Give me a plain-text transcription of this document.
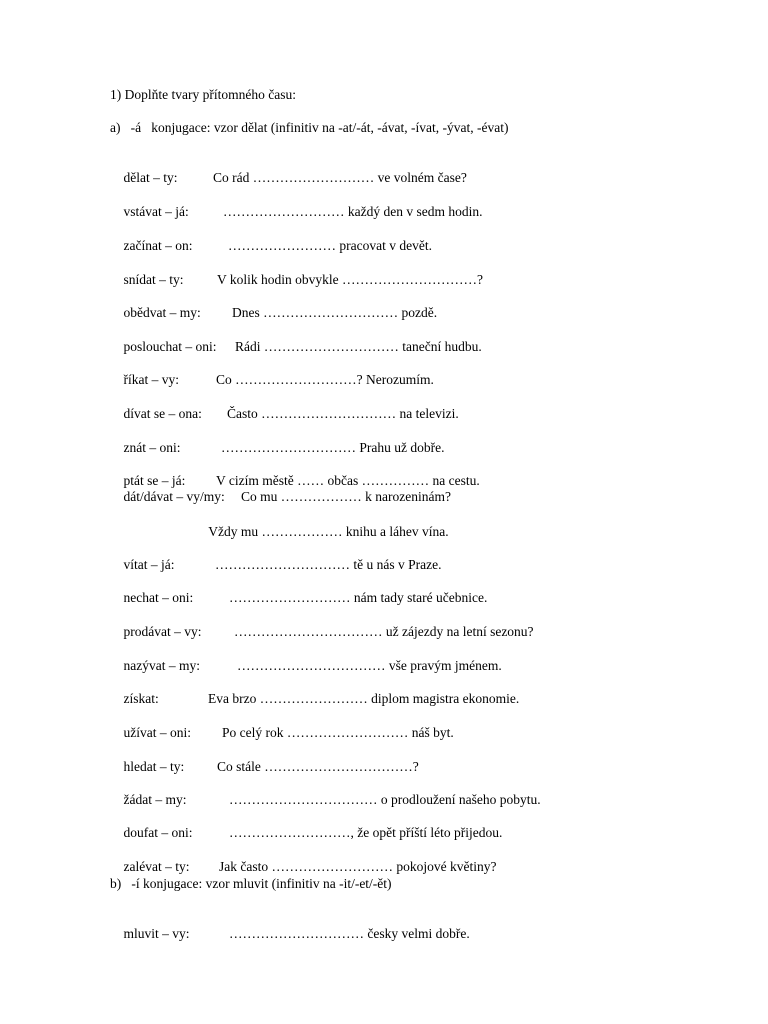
1) Doplňte tvary přítomného času:
a)   -á   konjugace: vzor dělat (infinitiv na -at/-át, -ávat, -ívat, -ývat, -évat)

dělat – ty:	Co rád ……………………… ve volném čase?

vstávat – já:	……………………… každý den v sedm hodin.

začínat – on:	…………………… pracovat v devět.

snídat – ty: V kolik hodin obvykle …………………………?

obědvat – my: Dnes ………………………… pozdě.

poslouchat – oni: Rádi ………………………… taneční hudbu.

říkat – vy:	Co ………………………? Nerozumím.

dívat se – ona: Často ………………………… na televizi.

znát – oni:	………………………… Prahu už dobře.

ptát se – já: V cizím městě …… občas …………… na cestu.

dát/dávat – vy/my: Co mu ……………… k narozeninám?

Vždy mu ……………… knihu a láhev vína.

vítat – já:	………………………… tě u nás v Praze.

nechat – oni:	……………………… nám tady staré učebnice.

prodávat – vy: …………………………… už zájezdy na letní sezonu?

nazývat – my:	…………………………… vše pravým jménem.

získat:	Eva brzo …………………… diplom magistra ekonomie.

užívat – oni: Po celý rok ……………………… náš byt.

hledat – ty: Co stále ……………………………?

žádat – my:	…………………………… o prodloužení našeho pobytu.

doufat – oni:	………………………, že opět příští léto přijedou.

zalévat – ty: Jak často ……………………… pokojové květiny?

b)   -í konjugace: vzor mluvit (infinitiv na -it/-et/-ět)

mluvit – vy:	………………………… česky velmi dobře.
